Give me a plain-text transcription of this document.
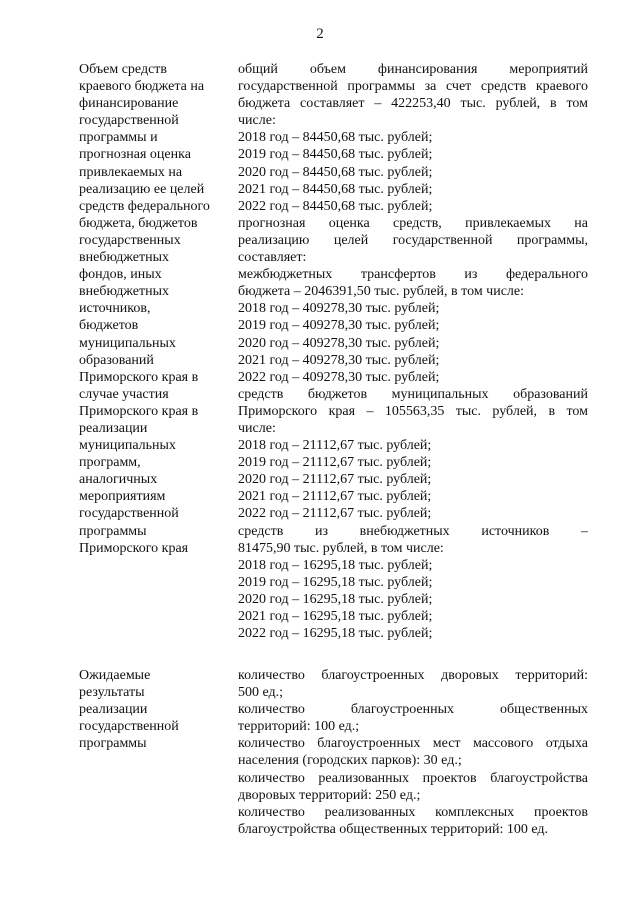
2
Объем средств
краевого бюджета на
финансирование
государственной
программы и
прогнозная оценка
привлекаемых на
реализацию ее целей
средств федерального
бюджета, бюджетов
государственных
внебюджетных
фондов, иных
внебюджетных
источников,
бюджетов
муниципальных
образований
Приморского края в
случае участия
Приморского края в
реализации
муниципальных
программ,
аналогичных
мероприятиям
государственной
программы
Приморского края
общий объем финансирования мероприятий
государственной программы за счет средств краевого
бюджета составляет – 422253,40 тыс. рублей, в том
числе:
2018 год – 84450,68 тыс. рублей;
2019 год – 84450,68 тыс. рублей;
2020 год – 84450,68 тыс. рублей;
2021 год – 84450,68 тыс. рублей;
2022 год – 84450,68 тыс. рублей;
прогнозная оценка средств, привлекаемых на
реализацию целей государственной программы,
составляет:
межбюджетных трансфертов из федерального
бюджета – 2046391,50 тыс. рублей, в том числе:
2018 год – 409278,30 тыс. рублей;
2019 год – 409278,30 тыс. рублей;
2020 год – 409278,30 тыс. рублей;
2021 год – 409278,30 тыс. рублей;
2022 год – 409278,30 тыс. рублей;
средств бюджетов муниципальных образований
Приморского края – 105563,35 тыс. рублей, в том
числе:
2018 год – 21112,67 тыс. рублей;
2019 год – 21112,67 тыс. рублей;
2020 год – 21112,67 тыс. рублей;
2021 год – 21112,67 тыс. рублей;
2022 год – 21112,67 тыс. рублей;
средств из внебюджетных источников –
81475,90 тыс. рублей, в том числе:
2018 год – 16295,18 тыс. рублей;
2019 год – 16295,18 тыс. рублей;
2020 год – 16295,18 тыс. рублей;
2021 год – 16295,18 тыс. рублей;
2022 год – 16295,18 тыс. рублей;
Ожидаемые
результаты
реализации
государственной
программы
количество благоустроенных дворовых территорий:
500 ед.;
количество благоустроенных общественных
территорий: 100 ед.;
количество благоустроенных мест массового отдыха
населения (городских парков): 30 ед.;
количество реализованных проектов благоустройства
дворовых территорий: 250 ед.;
количество реализованных комплексных проектов
благоустройства общественных территорий: 100 ед.
